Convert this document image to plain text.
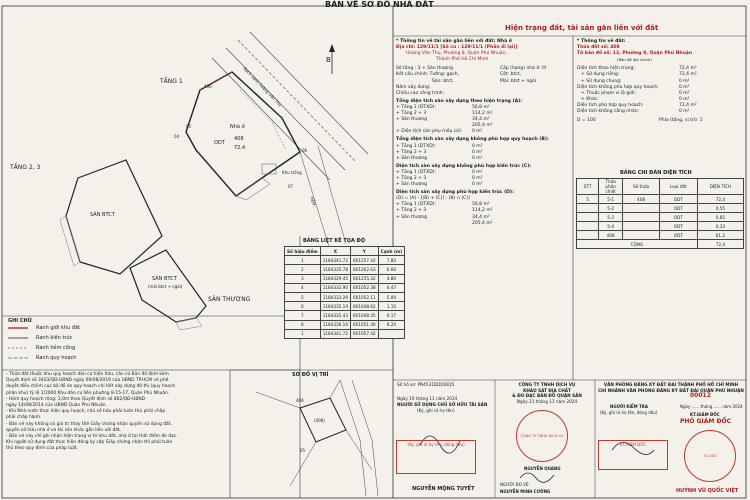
BẢN VẼ SƠ ĐỒ NHÀ ĐẤT
TẦNG 1
TẦNG 2, 3
SÂN THƯỢNG
Nhà ở
ODT
408
72,4
Khu trống
SÀN BTCT
SÀN BTCT
(mái btct + ngói)
B
406
05
04
06
07
Rạch xanh hoàng Văn Thụ
HẺM
BẢNG LIỆT KÊ TỌA ĐỘ
Số hiệu điểm	X	Y	Cạnh (m)
1	1184341.72	601257.42	7.80
2	1184335.78	601262.63	6.60
3	1184329.45	601255.42	4.80
4	1184332.90	601052.38	0.47
5	1184333.29	601052.11	5.09
6	1184335.19	601048.62	1.15
7	1184335.43	601048.45	0.17
8	1184336.16	601051.40	8.20
1	1184341.72	601057.42	
GHI CHÚ
Ranh giới khu đất
Ranh kiến trúc
Ranh hẻm cống
Ranh quy hoạch
- Thửa đất thuộc khu quy hoạch dân cư hiện hữu, căn cứ Bản đồ định kèm
Quyết định số 3403/QĐ-UBND ngày 09/08/2019 của UBND TP.HCM về phê
duyệt điều chỉnh cục bộ đồ án quy hoạch chi tiết xây dựng đô thị (quy hoạch
phân khu) tỷ lệ 1/2000 Khu dân cư liên phường 8-15-17, Quận Phú Nhuận.
- Hẻm quy hoạch rộng: 3,0m theo Quyết định số 862/QĐ-UBND
ngày 14/08/2014 của UBND Quận Phú Nhuận.
- Khi Nhà nước thực hiện quy hoạch, chủ sở hữu phải tuân thủ phải chấp
phải chấp hành.
- Bản vẽ này không có giá trị thay thế Giấy chứng nhận quyền sử dụng đất,
quyền sở hữu nhà ở và tài sản khác gắn liền với đất.
- Bản vẽ này chỉ ghi nhận hiện trạng vị trí khu đất, nhà ở tại thời điểm đo đạc.
Khi người sử dụng đất thực hiện đăng ký cấp Giấy chứng nhận thì phải tuân
thủ theo quy định của pháp luật.
SƠ ĐỒ VỊ TRÍ
(408)
406
05
Hiện trạng đất, tài sản gắn liền với đất
* Thông tin về tài sản gắn liền với đất: Nhà ở
Địa chỉ: 129/11/1 [Số cũ : 129/11/1 (Phần ổi lại)]
Hoàng Văn Thụ, Phường 8, Quận Phú Nhuận,
Thành Phố Hồ Chí Minh
Số tầng : 3 + Sân thượng	Cấp (hạng) nhà ở: III
Kết cấu chính: Tường: gạch,	Cột: btct,
Sàn: btct,	Mái: btct + ngói
Năm xây dựng:
Chiều cao công trình:
Tổng diện tích sàn xây dựng theo hiện trạng (A):
+ Tầng 1 (DTXD):	56,8 m²
+ Tầng 2 + 3	114,2 m²
+ Sân thượng	34,4 m²
205,4 m²

+ Diện tích sàn phụ (nếu có): 0 m²
Tổng diện tích sàn xây dựng không phù hợp quy hoạch (B):
+ Tầng 1 (DTXD):	0 m²
+ Tầng 2 + 3	0 m²
+ Sân thượng	0 m²
Diện tích sàn xây dựng không phù hợp kiến trúc (C):
+ Tầng 1 (DTXD):	0 m²
+ Tầng 2 + 3	0 m²
+ Sân thượng	0 m²
Diện tích sàn xây dựng phù hợp kiến trúc (D):
(D) = (A) - [(B) + (C)] - (B) ∩ (C)]
+ Tầng 1 (DTXD):	56,8 m²
+ Tầng 2 + 3	114,2 m²
+ Sân thượng	34,4 m²
205,4 m²

* Thông tin về đất:
Thửa đất số: 408
Tờ bản đồ số: 13, Phường 8, Quận Phú Nhuận
(Bản đồ địa chính)
Diện tích theo hiện trạng:	72,4 m²
+ Sử dụng riêng:	72,4 m²
+ Sử dụng chung:	0 m²
Diện tích không phù hợp quy hoạch:	0 m²
+ Thuộc phạm vi lộ giới:	0 m²
+ Khác:	0 m²
Diện tích phù hợp quy hoạch:	72,4 m²
Diện tích không công nhận:	0 m²
D = 100	Phía (tầng, vị trí): 1
BẢNG CHI ĐÁN DIỆN TÍCH
STT	Thửa phân chiết	Số thửa	Loại đất	DIỆN TÍCH
5	5-1	408	ODT	72,4
	5-2		ODT	0,55
	5-3		ODT	0,85
	5-4		ODT	0,33
	408		ODT	61,2
CỘNG				72,4
Số hồ sơ: PN4531DDDD/Q5
Ngày 19 tháng 11 năm 2024
NGƯỜI SỬ DỤNG CHỦ SỞ HỮU TÀI SẢN
(Ký, ghi rõ họ tên)
NGUYỄN MỘNG TUYẾT
CÔNG TY TNHH DỊCH VỤ
KHẢO SÁT ĐỊA CHẤT
& ĐO ĐẠC BẢN ĐỒ QUẬN SẤN
Ngày 21 tháng 11 năm 2024
CÔNG TY TNHH DỊCH VỤ
NGUYỄN QUANG
NGƯỜI ĐO VẼ:
NGUYỄN MINH CƯỜNG
VĂN PHÒNG ĐĂNG KÝ ĐẤT ĐAI THÀNH PHỐ HỒ CHÍ MINH
CHI NHÁNH VĂN PHÒNG ĐĂNG KÝ ĐẤT ĐAI QUẬN PHÚ NHUẬN
NGƯỜI KIỂM TRA
(Ký, ghi rõ họ tên, đóng dấu)
Ngày ...... tháng ...... năm 2024
00012
KT.GIÁM ĐỐC
PHÓ GIÁM ĐỐC
TG 003
HUỲNH VŨ QUỐC VIỆT
(Ký, ghi rõ họ tên, đóng dấu)	KT.GIÁM ĐỐC
